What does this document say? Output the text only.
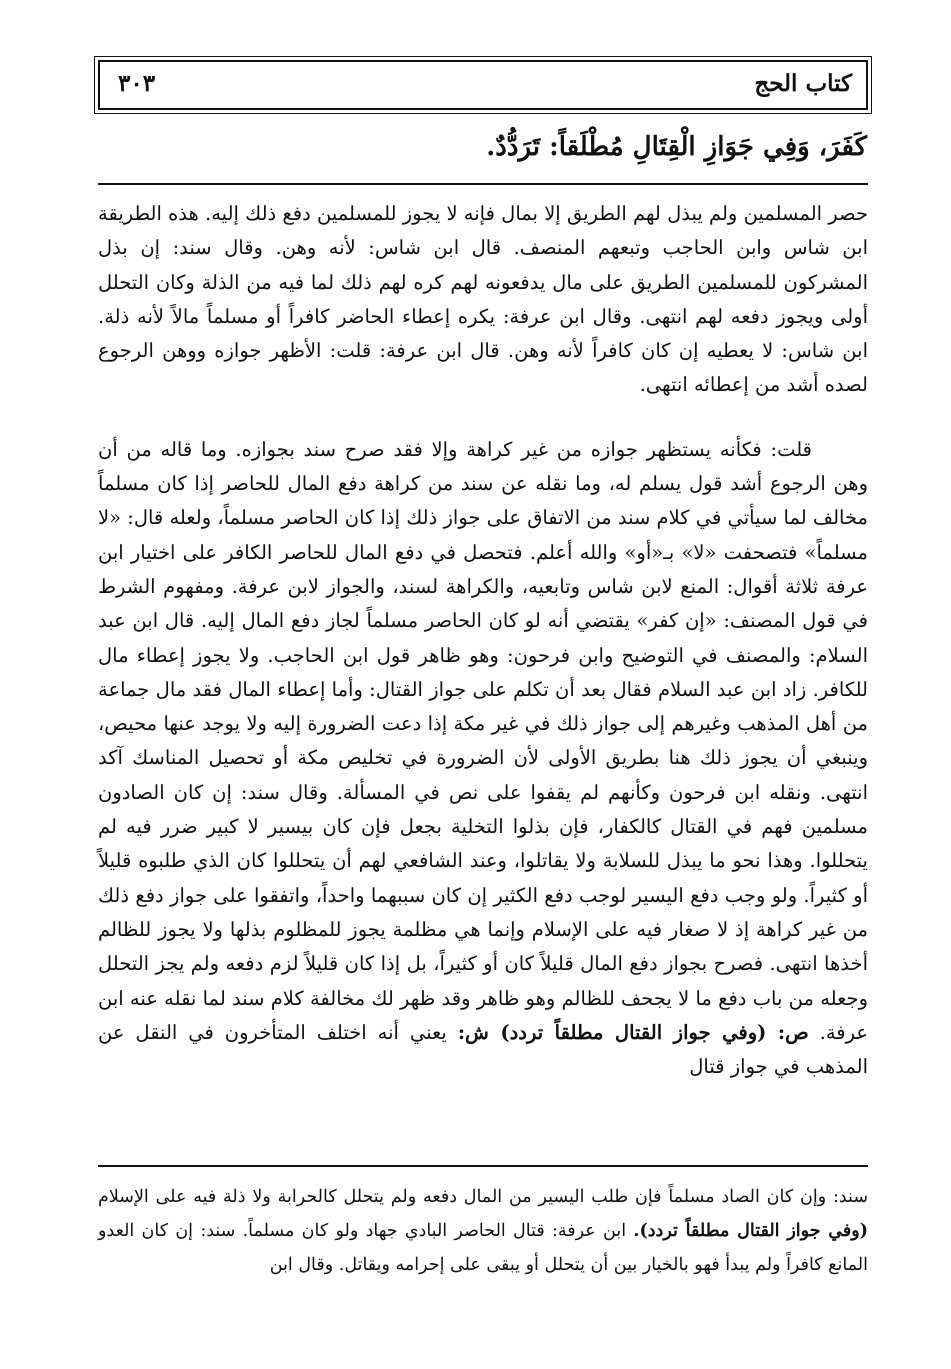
كتاب الحج
٣٠٣
كَفَرَ، وَفِي جَوَازِ الْقِتَالِ مُطْلَقاً: تَرَدُّدٌ.

حصر المسلمين ولم يبذل لهم الطريق إلا بمال فإنه لا يجوز للمسلمين دفع ذلك إليه. هذه الطريقة ابن شاس وابن الحاجب وتبعهم المنصف. قال ابن شاس: لأنه وهن. وقال سند: إن بذل المشركون للمسلمين الطريق على مال يدفعونه لهم كره لهم ذلك لما فيه من الذلة وكان التحلل أولى ويجوز دفعه لهم انتهى. وقال ابن عرفة: يكره إعطاء الحاضر كافراً أو مسلماً مالاً لأنه ذلة. ابن شاس: لا يعطيه إن كان كافراً لأنه وهن. قال ابن عرفة: قلت: الأظهر جوازه ووهن الرجوع لصده أشد من إعطائه انتهى.

قلت: فكأنه يستظهر جوازه من غير كراهة وإلا فقد صرح سند بجوازه. وما قاله من أن وهن الرجوع أشد قول يسلم له، وما نقله عن سند من كراهة دفع المال للحاصر إذا كان مسلماً مخالف لما سيأتي في كلام سند من الاتفاق على جواز ذلك إذا كان الحاصر مسلماً، ولعله قال: «لا مسلماً» فتصحفت «لا» بـ«أو» والله أعلم. فتحصل في دفع المال للحاصر الكافر على اختيار ابن عرفة ثلاثة أقوال: المنع لابن شاس وتابعيه، والكراهة لسند، والجواز لابن عرفة. ومفهوم الشرط في قول المصنف: «إن كفر» يقتضي أنه لو كان الحاصر مسلماً لجاز دفع المال إليه. قال ابن عبد السلام: والمصنف في التوضيح وابن فرحون: وهو ظاهر قول ابن الحاجب. ولا يجوز إعطاء مال للكافر. زاد ابن عبد السلام فقال بعد أن تكلم على جواز القتال: وأما إعطاء المال فقد مال جماعة من أهل المذهب وغيرهم إلى جواز ذلك في غير مكة إذا دعت الضرورة إليه ولا يوجد عنها محيص، وينبغي أن يجوز ذلك هنا بطريق الأولى لأن الضرورة في تخليص مكة أو تحصيل المناسك آكد انتهى. ونقله ابن فرحون وكأنهم لم يقفوا على نص في المسألة. وقال سند: إن كان الصادون مسلمين فهم في القتال كالكفار، فإن بذلوا التخلية بجعل فإن كان بيسير لا كبير ضرر فيه لم يتحللوا. وهذا نحو ما يبذل للسلابة ولا يقاتلوا، وعند الشافعي لهم أن يتحللوا كان الذي طلبوه قليلاً أو كثيراً. ولو وجب دفع اليسير لوجب دفع الكثير إن كان سببهما واحداً، واتفقوا على جواز دفع ذلك من غير كراهة إذ لا صغار فيه على الإسلام وإنما هي مظلمة يجوز للمظلوم بذلها ولا يجوز للظالم أخذها انتهى. فصرح بجواز دفع المال قليلاً كان أو كثيراً، بل إذا كان قليلاً لزم دفعه ولم يجز التحلل وجعله من باب دفع ما لا يجحف للظالم وهو ظاهر وقد ظهر لك مخالفة كلام سند لما نقله عنه ابن عرفة. ص: (وفي جواز القتال مطلقاً تردد) ش: يعني أنه اختلف المتأخرون في النقل عن المذهب في جواز قتال

سند: وإن كان الصاد مسلماً فإن طلب اليسير من المال دفعه ولم يتحلل كالحرابة ولا ذلة فيه على الإسلام (وفي جواز القتال مطلقاً تردد). ابن عرفة: قتال الحاصر البادي جهاد ولو كان مسلماً. سند: إن كان العدو المانع كافراً ولم يبدأ فهو بالخيار بين أن يتحلل أو يبقى على إحرامه ويقاتل. وقال ابن
